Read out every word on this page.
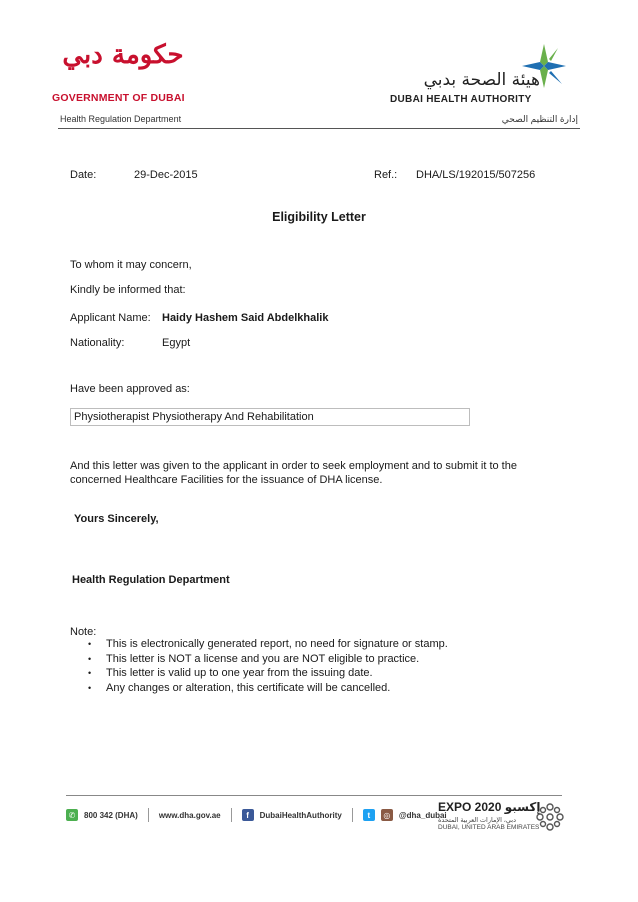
حكومة دبي
GOVERNMENT OF DUBAI
هيئة الصحة بدبي
DUBAI HEALTH AUTHORITY
Health Regulation Department	إدارة التنظيم الصحي
Date:	29-Dec-2015	Ref.: DHA/LS/192015/507256
Eligibility Letter
To whom it may concern,
Kindly be informed that:
Applicant Name: Haidy Hashem Said Abdelkhalik
Nationality:	Egypt
Have been approved as:
Physiotherapist Physiotherapy And Rehabilitation
And this letter was given to the applicant in order to seek employment and to submit it to the
concerned Healthcare Facilities for the issuance of DHA license.
Yours Sincerely,
Health Regulation Department
Note:
• This is electronically generated report, no need for signature or stamp.
• This letter is NOT a license and you are NOT eligible to practice.
• This letter is valid up to one year from the issuing date.
• Any changes or alteration, this certificate will be cancelled.
✆	800 342 (DHA)	www.dha.gov.ae	f	DubaiHealthAuthority	t	◎	@dha_dubai
EXPO 2020 إكسبو
دبي، الإمارات العربية المتحدة
DUBAI, UNITED ARAB EMIRATES
